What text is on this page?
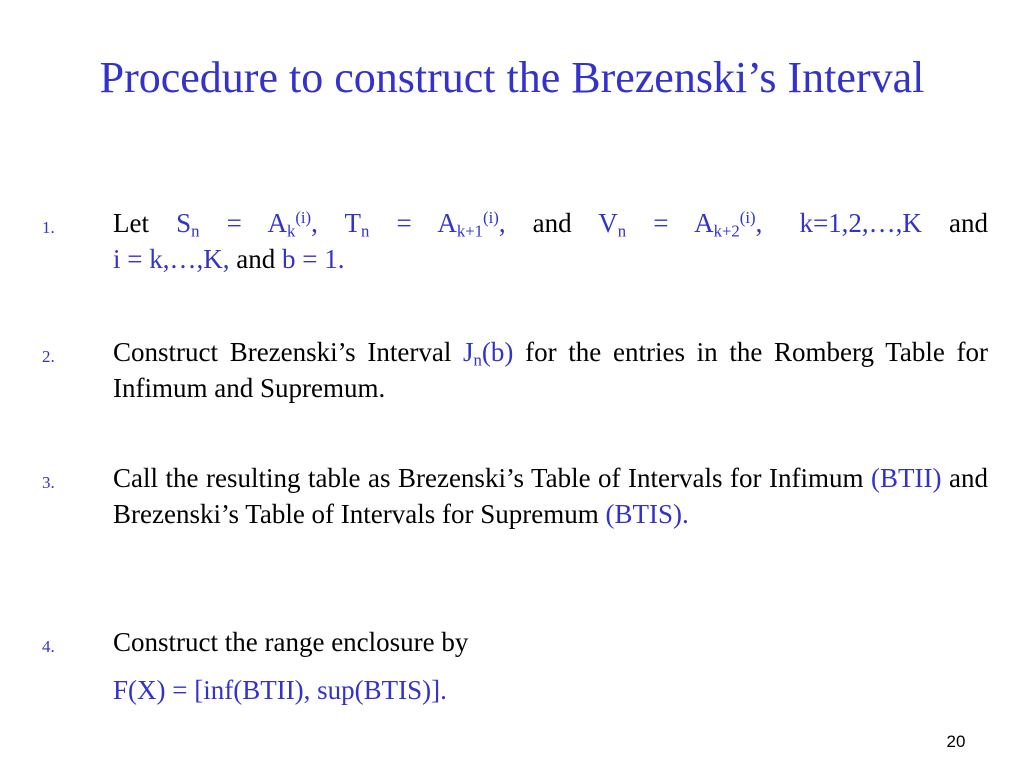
Procedure to construct the Brezenski’s Interval
1. Let $S_n = A_k^{(i)}$, $T_n = A_{k+1}^{(i)}$, and $V_n = A_{k+2}^{(i)}$, k=1,2,…,K and
i = k,…,K, and b = 1.
2. Construct Brezenski’s Interval $J_n(b)$ for the entries in the Romberg Table for Infimum and Supremum.
3. Call the resulting table as Brezenski’s Table of Intervals for Infimum (BTII) and Brezenski’s Table of Intervals for Supremum (BTIS).
4. Construct the range enclosure by
F(X) = [inf(BTII), sup(BTIS)].
20
